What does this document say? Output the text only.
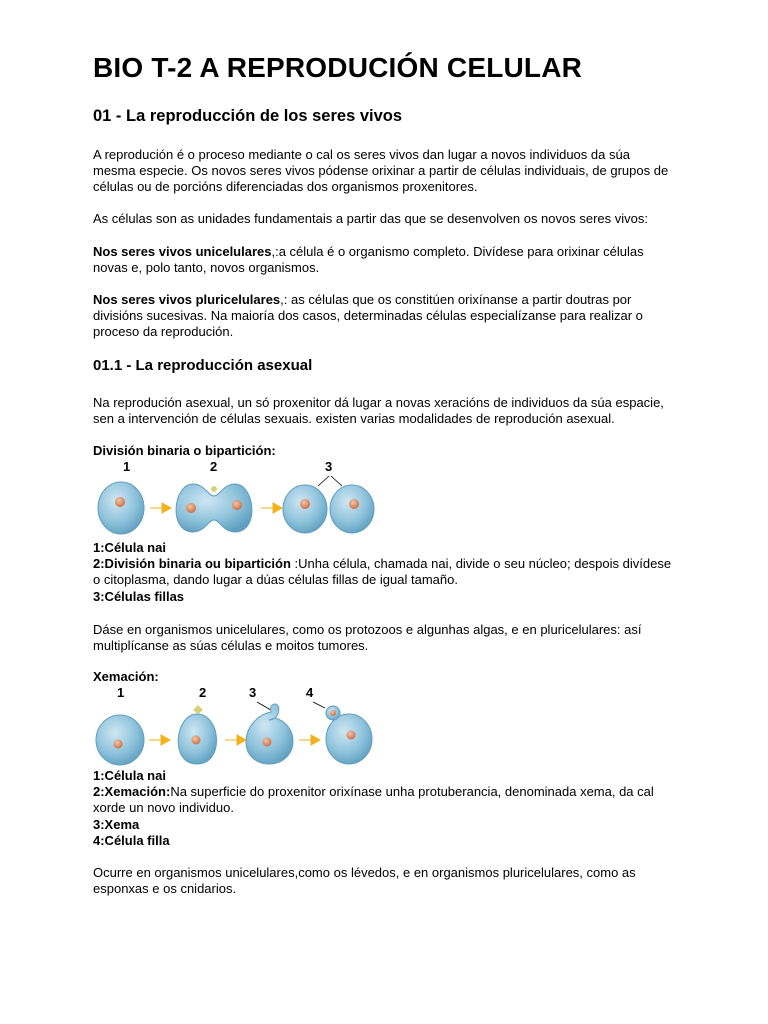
BIO T-2 A REPRODUCIÓN CELULAR
01 - La reproducción de los seres vivos

A reprodución é o proceso mediante o cal os seres vivos dan lugar a novos individuos da súa mesma especie. Os novos seres vivos pódense orixinar a partir de células individuais, de grupos de células ou de porcións diferenciadas dos organismos proxenitores.

As células son as unidades fundamentais a partir das que se desenvolven os novos seres vivos:

Nos seres vivos unicelulares,:a célula é o organismo completo. Divídese para orixinar células novas e, polo tanto, novos organismos.

Nos seres vivos pluricelulares,: as células que os constitúen orixínanse a partir doutras por divisións sucesivas. Na maioría dos casos, determinadas células especialízanse para realizar o proceso da reprodución.

01.1 - La reproducción asexual

Na reprodución asexual, un só proxenitor dá lugar a novas xeracións de individuos da súa espacie, sen a intervención de células sexuais. existen varias modalidades de reprodución asexual.

División binaria o bipartición:

1	2	3

1:Célula nai

2:División binaria ou bipartición :Unha célula, chamada nai, divide o seu núcleo; despois divídese o citoplasma, dando lugar a dúas células fillas de igual tamaño.

3:Células fillas

Dáse en organismos unicelulares, como os protozoos e algunhas algas, e en pluricelulares: así multiplícanse as súas células e moitos tumores.

Xemación:

1	2	3	4

1:Célula nai

2:Xemación:Na superficie do proxenitor orixínase unha protuberancia, denominada xema, da cal xorde un novo individuo.

3:Xema

4:Célula filla

Ocurre en organismos unicelulares,como os lévedos, e en organismos pluricelulares, como as esponxas e os cnidarios.
